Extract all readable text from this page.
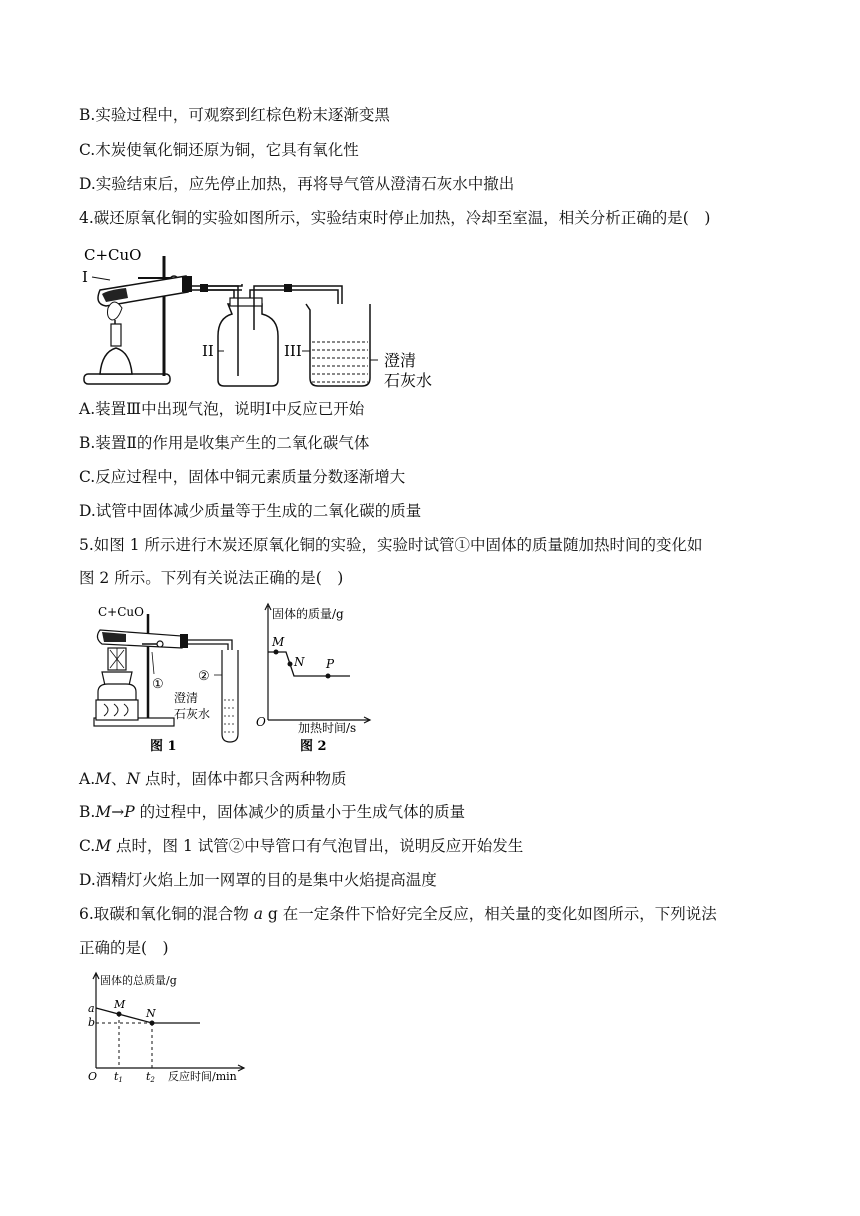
B.实验过程中，可观察到红棕色粉末逐渐变黑
C.木炭使氧化铜还原为铜，它具有氧化性
D.实验结束后，应先停止加热，再将导气管从澄清石灰水中撤出
4.碳还原氧化铜的实验如图所示，实验结束时停止加热，冷却至室温，相关分析正确的是(　)
C+CuO
I
II	III	澄清
石灰水
A.装置Ⅲ中出现气泡，说明Ⅰ中反应已开始
B.装置Ⅱ的作用是收集产生的二氧化碳气体
C.反应过程中，固体中铜元素质量分数逐渐增大
D.试管中固体减少质量等于生成的二氧化碳的质量
5.如图 1 所示进行木炭还原氧化铜的实验，实验时试管①中固体的质量随加热时间的变化如
图 2 所示。下列有关说法正确的是(　)
C+CuO
②
①
澄清
石灰水
图 1
固体的质量/g
加热时间/s
O
M
N P
图 2
A.M、N 点时，固体中都只含两种物质
B.M→P 的过程中，固体减少的质量小于生成气体的质量
C.M 点时，图 1 试管②中导管口有气泡冒出，说明反应开始发生
D.酒精灯火焰上加一网罩的目的是集中火焰提高温度
6.取碳和氧化铜的混合物 a g 在一定条件下恰好完全反应，相关量的变化如图所示，下列说法
正确的是(　)
固体的总质量/g
O
a
b
M
N
t1 t2 反应时间/min
